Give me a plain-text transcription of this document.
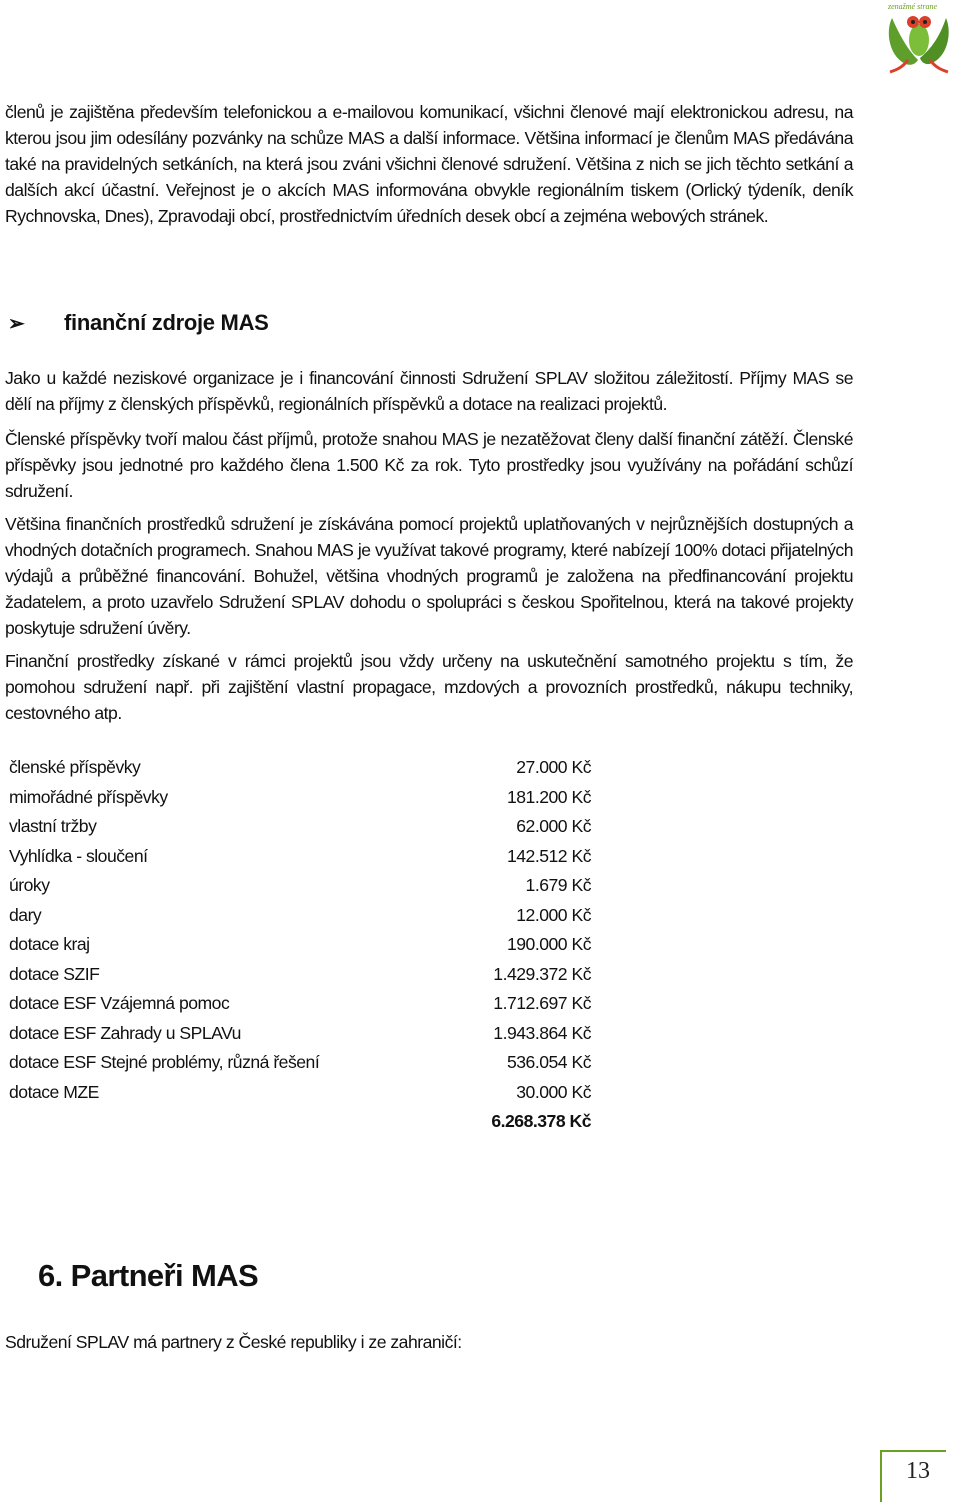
zenažmé strane

členů je zajištěna především telefonickou a e-mailovou komunikací, všichni členové mají elektronickou adresu, na kterou jsou jim odesílány pozvánky na schůze MAS a další informace. Většina informací je členům MAS předávána také na pravidelných setkáních, na která jsou zváni všichni členové sdružení. Většina z nich se jich těchto setkání a dalších akcí účastní. Veřejnost je o akcích MAS informována obvykle regionálním tiskem (Orlický týdeník, deník Rychnovska, Dnes), Zpravodaji obcí, prostřednictvím úředních desek obcí a zejména webových stránek.

➢ finanční zdroje MAS

Jako u každé neziskové organizace je i financování činnosti Sdružení SPLAV složitou záležitostí. Příjmy MAS se dělí na příjmy z členských příspěvků, regionálních příspěvků a dotace na realizaci projektů.

Členské příspěvky tvoří malou část příjmů, protože snahou MAS je nezatěžovat členy další finanční zátěží. Členské příspěvky jsou jednotné pro každého člena 1.500 Kč za rok. Tyto prostředky jsou využívány na pořádání schůzí sdružení.

Většina finančních prostředků sdružení je získávána pomocí projektů uplatňovaných v nejrůznějších dostupných a vhodných dotačních programech. Snahou MAS je využívat takové programy, které nabízejí 100% dotaci přijatelných výdajů a průběžné financování. Bohužel, většina vhodných programů je založena na předfinancování projektu žadatelem, a proto uzavřelo Sdružení SPLAV dohodu o spolupráci s českou Spořitelnou, která na takové projekty poskytuje sdružení úvěry.

Finanční prostředky získané v rámci projektů jsou vždy určeny na uskutečnění samotného projektu s tím, že pomohou sdružení např. při zajištění vlastní propagace, mzdových a provozních prostředků, nákupu techniky, cestovného atp.

členské příspěvky	27.000 Kč
mimořádné příspěvky	181.200 Kč
vlastní tržby	62.000 Kč
Vyhlídka - sloučení	142.512 Kč
úroky	1.679 Kč
dary	12.000 Kč
dotace kraj	190.000 Kč
dotace SZIF	1.429.372 Kč
dotace ESF Vzájemná pomoc	1.712.697 Kč
dotace ESF Zahrady u SPLAVu	1.943.864 Kč
dotace ESF Stejné problémy, různá řešení	536.054 Kč
dotace MZE	30.000 Kč
	6.268.378 Kč
6. Partneři MAS
Sdružení SPLAV má partnery z České republiky i ze zahraničí:
13
